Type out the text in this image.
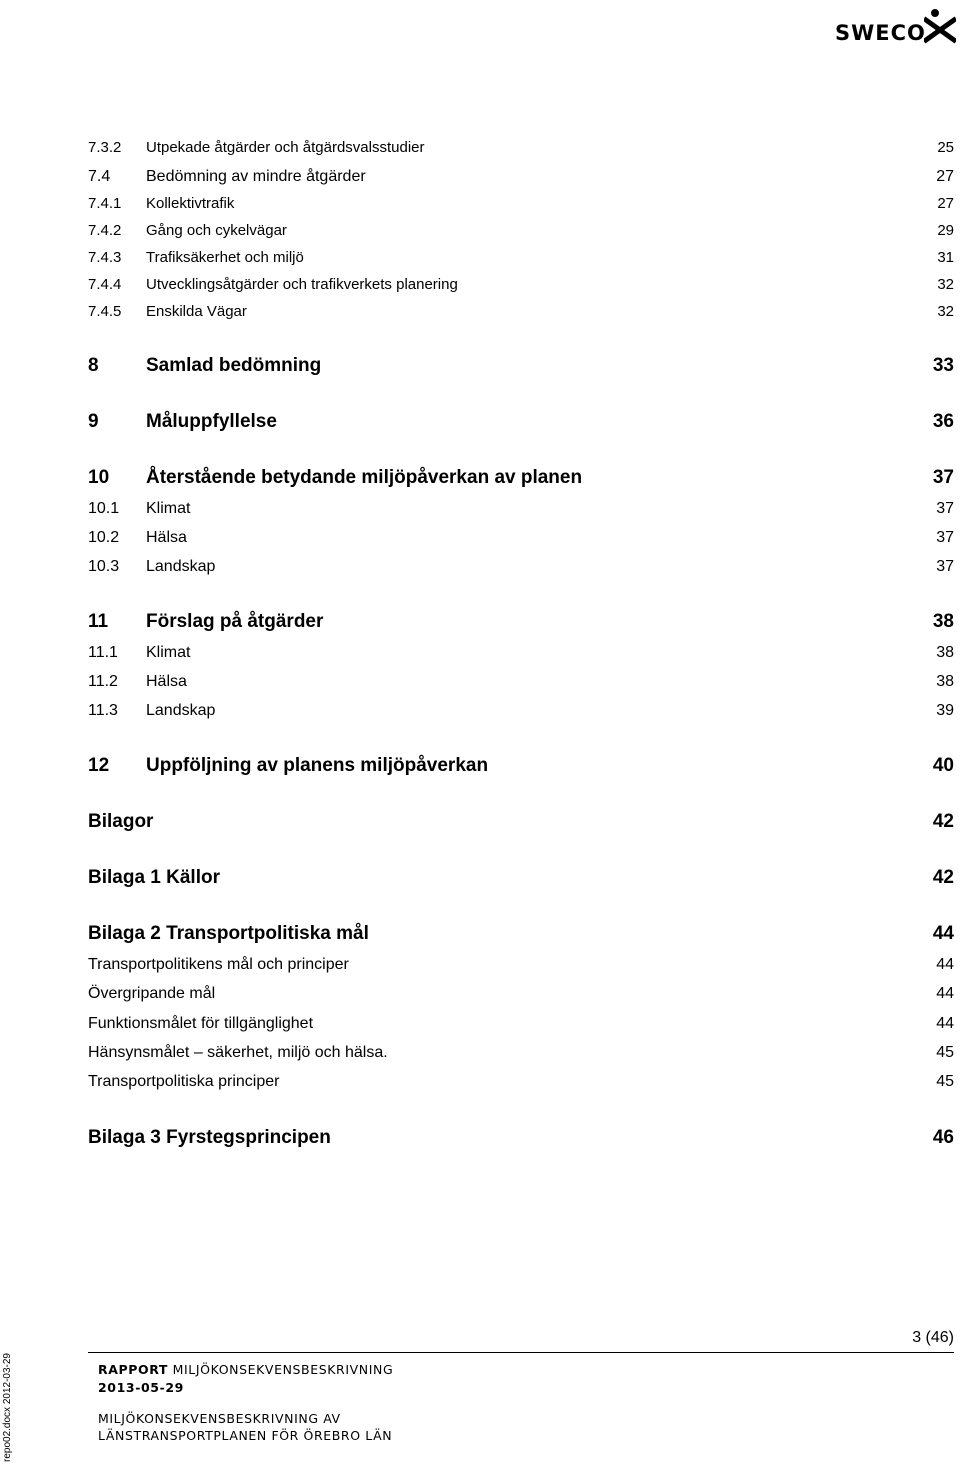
SWECO
7.3.2 Utpekade åtgärder och åtgärdsvalsstudier	25
7.4 Bedömning av mindre åtgärder	27
7.4.1 Kollektivtrafik	27
7.4.2 Gång och cykelvägar	29
7.4.3 Trafiksäkerhet och miljö	31
7.4.4 Utvecklingsåtgärder och trafikverkets planering	32
7.4.5 Enskilda Vägar	32
8 Samlad bedömning	33
9 Måluppfyllelse	36
10 Återstående betydande miljöpåverkan av planen	37
10.1 Klimat	37
10.2 Hälsa	37
10.3 Landskap	37
11 Förslag på åtgärder	38
11.1 Klimat	38
11.2 Hälsa	38
11.3 Landskap	39
12 Uppföljning av planens miljöpåverkan	40
Bilagor	42
Bilaga 1 Källor	42
Bilaga 2 Transportpolitiska mål	44
Transportpolitikens mål och principer	44
Övergripande mål	44
Funktionsmålet för tillgänglighet	44
Hänsynsmålet – säkerhet, miljö och hälsa.	45
Transportpolitiska principer	45
Bilaga 3 Fyrstegsprincipen	46
3 (46)
RAPPORT MILJÖKONSEKVENSBESKRIVNING
2013-05-29
MILJÖKONSEKVENSBESKRIVNING AV
LÄNSTRANSPORTPLANEN FÖR ÖREBRO LÄN
repo02.docx 2012-03-29
